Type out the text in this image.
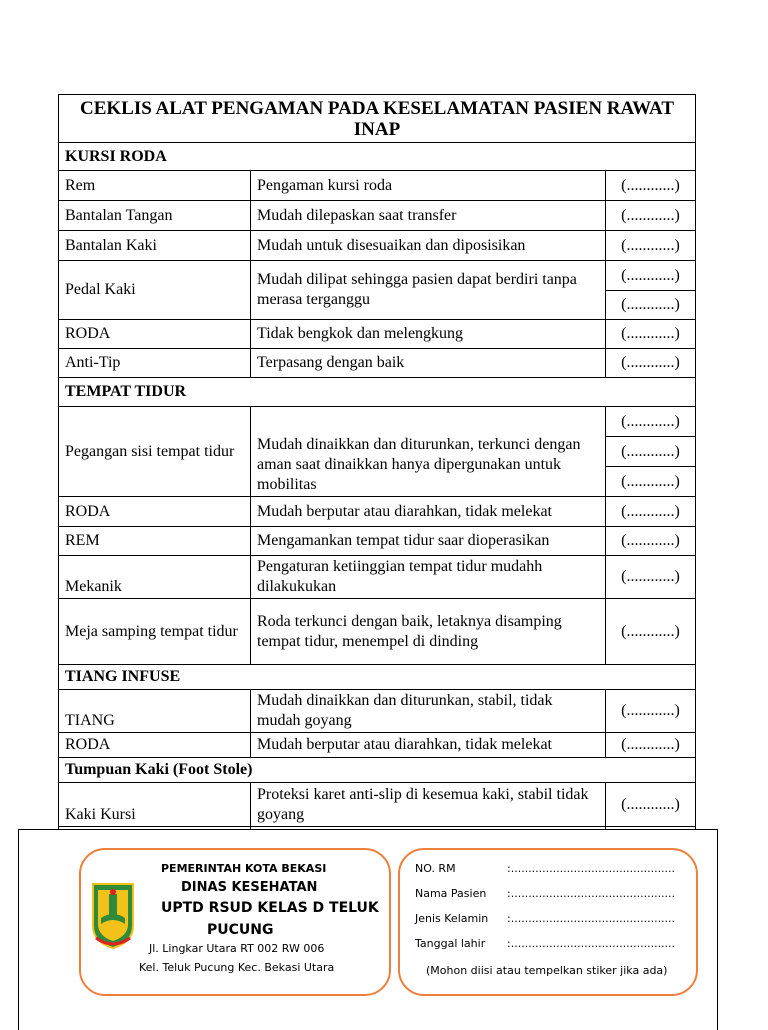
CEKLIS ALAT PENGAMAN PADA KESELAMATAN PASIEN RAWAT INAP		
KURSI RODA		
Rem	Pengaman kursi roda	(............)
Bantalan Tangan	Mudah dilepaskan saat transfer	(............)
Bantalan Kaki	Mudah untuk disesuaikan dan diposisikan	(............)
Pedal Kaki	Mudah dilipat sehingga pasien dapat berdiri tanpa merasa terganggu	(............)
		(............)
RODA	Tidak bengkok dan melengkung	(............)
Anti-Tip	Terpasang dengan baik	(............)
TEMPAT TIDUR		
Pegangan sisi tempat tidur	Mudah dinaikkan dan diturunkan, terkunci dengan aman saat dinaikkan hanya dipergunakan untuk mobilitas	(............)
		(............)
		(............)
RODA	Mudah berputar atau diarahkan, tidak melekat	(............)
REM	Mengamankan tempat tidur saar dioperasikan	(............)
Mekanik	Pengaturan ketiinggian tempat tidur mudahh dilakukukan	(............)
Meja samping tempat tidur	Roda terkunci dengan baik, letaknya disamping tempat tidur, menempel di dinding	(............)
TIANG INFUSE		
TIANG	Mudah dinaikkan dan diturunkan, stabil, tidak mudah goyang	(............)
RODA	Mudah berputar atau diarahkan, tidak melekat	(............)
Tumpuan Kaki (Foot Stole)		
Kaki Kursi	Proteksi karet anti-slip di kesemua kaki, stabil tidak goyang	(............)

PEMERINTAH KOTA BEKASI
DINAS KESEHATAN
UPTD RSUD KELAS D TELUK
PUCUNG
Jl. Lingkar Utara RT 002 RW 006
Kel. Teluk Pucung Kec. Bekasi Utara
NO. RM	:...............................................
Nama Pasien :...............................................
Jenis Kelamin :...............................................
Tanggal lahir :...............................................
(Mohon diisi atau tempelkan stiker jika ada)
